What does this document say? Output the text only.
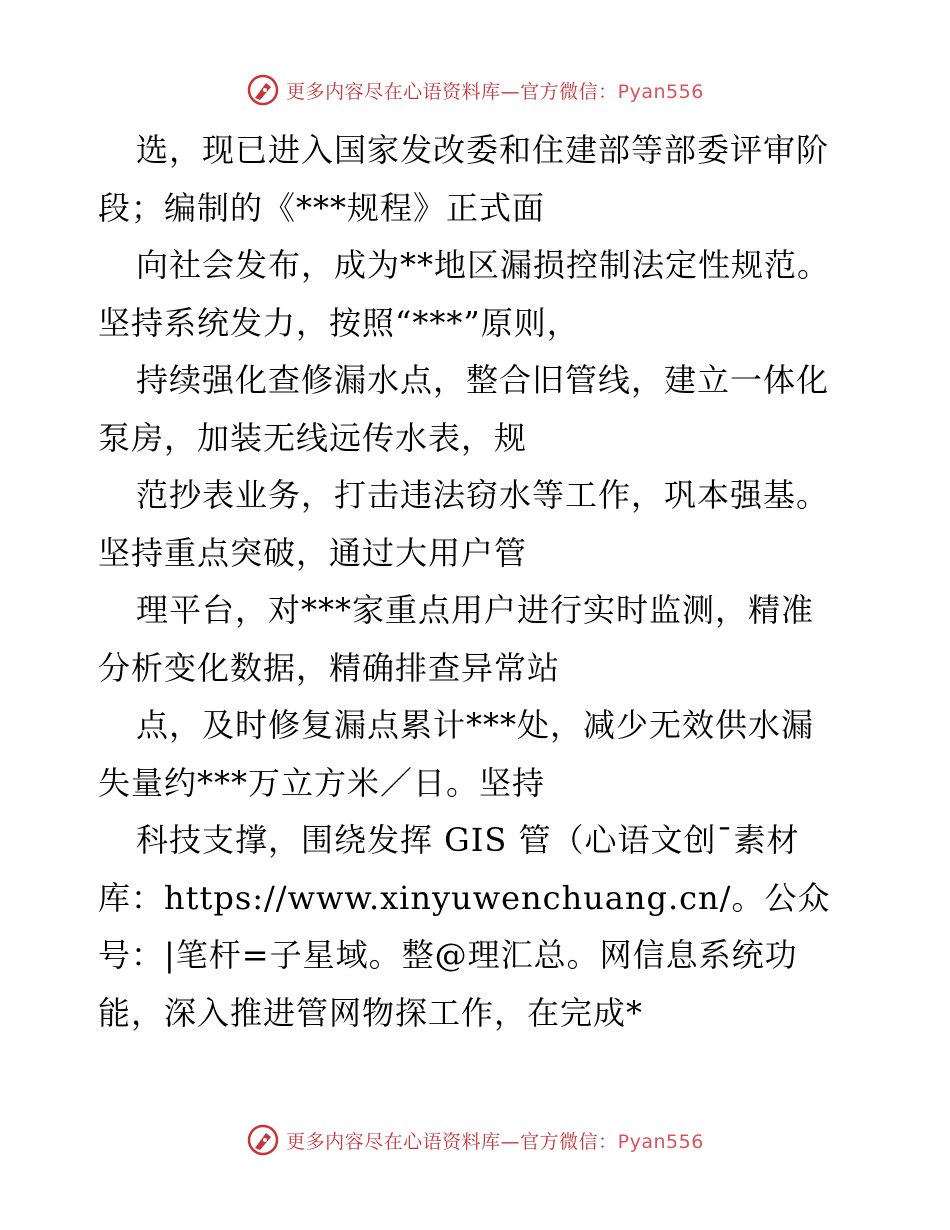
更多内容尽在心语资料库—官方微信：Pyan556
选，现已进入国家发改委和住建部等部委评审阶
段；编制的《***规程》正式面
向社会发布，成为**地区漏损控制法定性规范。
坚持系统发力，按照“***”原则，
持续强化查修漏水点，整合旧管线，建立一体化
泵房，加装无线远传水表，规
范抄表业务，打击违法窃水等工作，巩本强基。
坚持重点突破，通过大用户管
理平台，对***家重点用户进行实时监测，精准
分析变化数据，精确排查异常站
点，及时修复漏点累计***处，减少无效供水漏
失量约***万立方米／日。坚持
科技支撑，围绕发挥 GIS 管（心语文创¯素材
库：https://www.xinyuwenchuang.cn/。公众
号：|笔杆=子星域。整@理汇总。网信息系统功
能，深入推进管网物探工作，在完成*
更多内容尽在心语资料库—官方微信：Pyan556
